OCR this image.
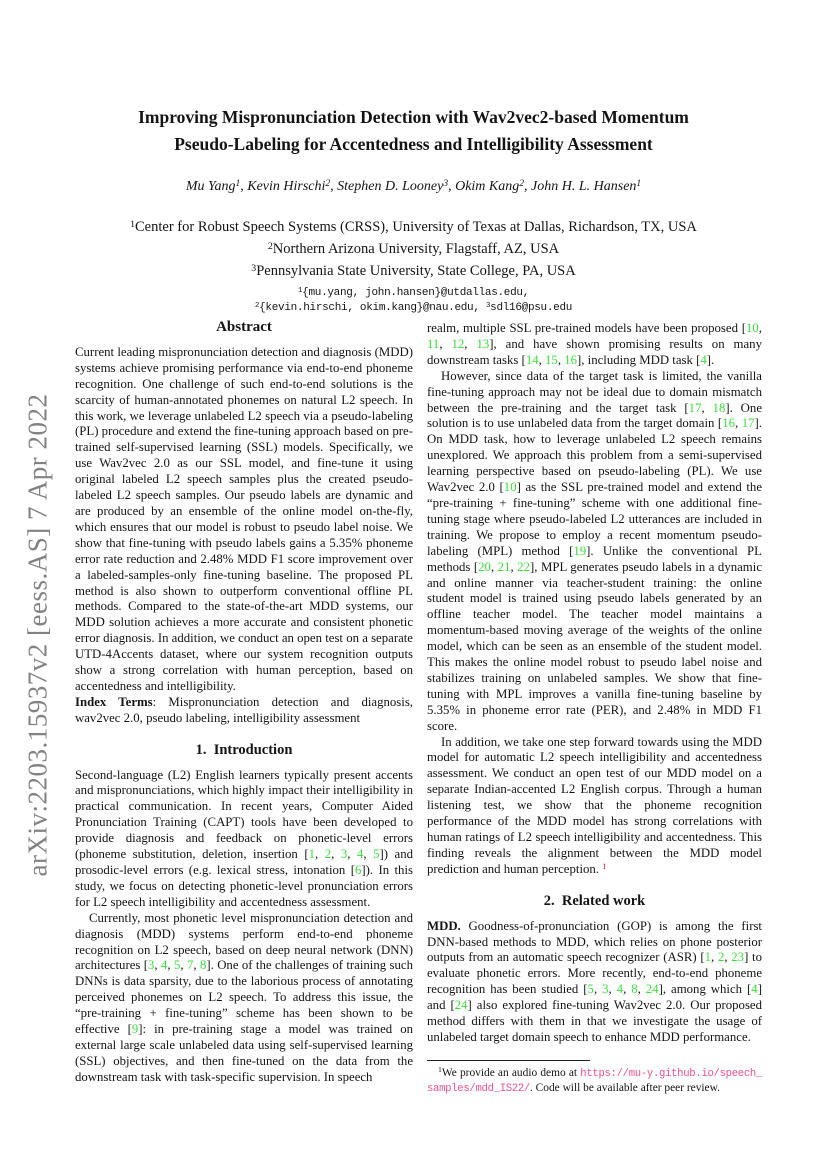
arXiv:2203.15937v2 [eess.AS] 7 Apr 2022
Improving Mispronunciation Detection with Wav2vec2-based Momentum
Pseudo-Labeling for Accentedness and Intelligibility Assessment
Mu Yang$^1$, Kevin Hirschi$^2$, Stephen D. Looney$^3$, Okim Kang$^2$, John H. L. Hansen$^1$
$^1$Center for Robust Speech Systems (CRSS), University of Texas at Dallas, Richardson, TX, USA
$^2$Northern Arizona University, Flagstaff, AZ, USA
$^3$Pennsylvania State University, State College, PA, USA
$^1${mu.yang, john.hansen}@utdallas.edu,
$^2${kevin.hirschi, okim.kang}@nau.edu, $^3$sdl16@psu.edu
Abstract

Current leading mispronunciation detection and diagnosis (MDD) systems achieve promising performance via end-to-end phoneme recognition. One challenge of such end-to-end solutions is the scarcity of human-annotated phonemes on natural L2 speech. In this work, we leverage unlabeled L2 speech via a pseudo-labeling (PL) procedure and extend the fine-tuning approach based on pre-trained self-supervised learning (SSL) models. Specifically, we use Wav2vec 2.0 as our SSL model, and fine-tune it using original labeled L2 speech samples plus the created pseudo-labeled L2 speech samples. Our pseudo labels are dynamic and are produced by an ensemble of the online model on-the-fly, which ensures that our model is robust to pseudo label noise. We show that fine-tuning with pseudo labels gains a 5.35% phoneme error rate reduction and 2.48% MDD F1 score improvement over a labeled-samples-only fine-tuning baseline. The proposed PL method is also shown to outperform conventional offline PL methods. Compared to the state-of-the-art MDD systems, our MDD solution achieves a more accurate and consistent phonetic error diagnosis. In addition, we conduct an open test on a separate UTD-4Accents dataset, where our system recognition outputs show a strong correlation with human perception, based on accentedness and intelligibility.

Index Terms: Mispronunciation detection and diagnosis, wav2vec 2.0, pseudo labeling, intelligibility assessment

1.  Introduction

Second-language (L2) English learners typically present accents and mispronunciations, which highly impact their intelligibility in practical communication. In recent years, Computer Aided Pronunciation Training (CAPT) tools have been developed to provide diagnosis and feedback on phonetic-level errors (phoneme substitution, deletion, insertion [1, 2, 3, 4, 5]) and prosodic-level errors (e.g. lexical stress, intonation [6]). In this study, we focus on detecting phonetic-level pronunciation errors for L2 speech intelligibility and accentedness assessment.

Currently, most phonetic level mispronunciation detection and diagnosis (MDD) systems perform end-to-end phoneme recognition on L2 speech, based on deep neural network (DNN) architectures [3, 4, 5, 7, 8]. One of the challenges of training such DNNs is data sparsity, due to the laborious process of annotating perceived phonemes on L2 speech. To address this issue, the “pre-training + fine-tuning” scheme has been shown to be effective [9]: in pre-training stage a model was trained on external large scale unlabeled data using self-supervised learning (SSL) objectives, and then fine-tuned on the data from the downstream task with task-specific supervision. In speech

realm, multiple SSL pre-trained models have been proposed [10, 11, 12, 13], and have shown promising results on many downstream tasks [14, 15, 16], including MDD task [4].

However, since data of the target task is limited, the vanilla fine-tuning approach may not be ideal due to domain mismatch between the pre-training and the target task [17, 18]. One solution is to use unlabeled data from the target domain [16, 17]. On MDD task, how to leverage unlabeled L2 speech remains unexplored. We approach this problem from a semi-supervised learning perspective based on pseudo-labeling (PL). We use Wav2vec 2.0 [10] as the SSL pre-trained model and extend the “pre-training + fine-tuning” scheme with one additional fine-tuning stage where pseudo-labeled L2 utterances are included in training. We propose to employ a recent momentum pseudo-labeling (MPL) method [19]. Unlike the conventional PL methods [20, 21, 22], MPL generates pseudo labels in a dynamic and online manner via teacher-student training: the online student model is trained using pseudo labels generated by an offline teacher model. The teacher model maintains a momentum-based moving average of the weights of the online model, which can be seen as an ensemble of the student model. This makes the online model robust to pseudo label noise and stabilizes training on unlabeled samples. We show that fine-tuning with MPL improves a vanilla fine-tuning baseline by 5.35% in phoneme error rate (PER), and 2.48% in MDD F1 score.

In addition, we take one step forward towards using the MDD model for automatic L2 speech intelligibility and accentedness assessment. We conduct an open test of our MDD model on a separate Indian-accented L2 English corpus. Through a human listening test, we show that the phoneme recognition performance of the MDD model has strong correlations with human ratings of L2 speech intelligibility and accentedness. This finding reveals the alignment between the MDD model prediction and human perception. $^1$

2.  Related work

MDD. Goodness-of-pronunciation (GOP) is among the first DNN-based methods to MDD, which relies on phone posterior outputs from an automatic speech recognizer (ASR) [1, 2, 23] to evaluate phonetic errors. More recently, end-to-end phoneme recognition has been studied [5, 3, 4, 8, 24], among which [4] and [24] also explored fine-tuning Wav2vec 2.0. Our proposed method differs with them in that we investigate the usage of unlabeled target domain speech to enhance MDD performance.

$^1$We provide an audio demo at https://mu-y.github.io/speech_samples/mdd_IS22/. Code will be available after peer review.
